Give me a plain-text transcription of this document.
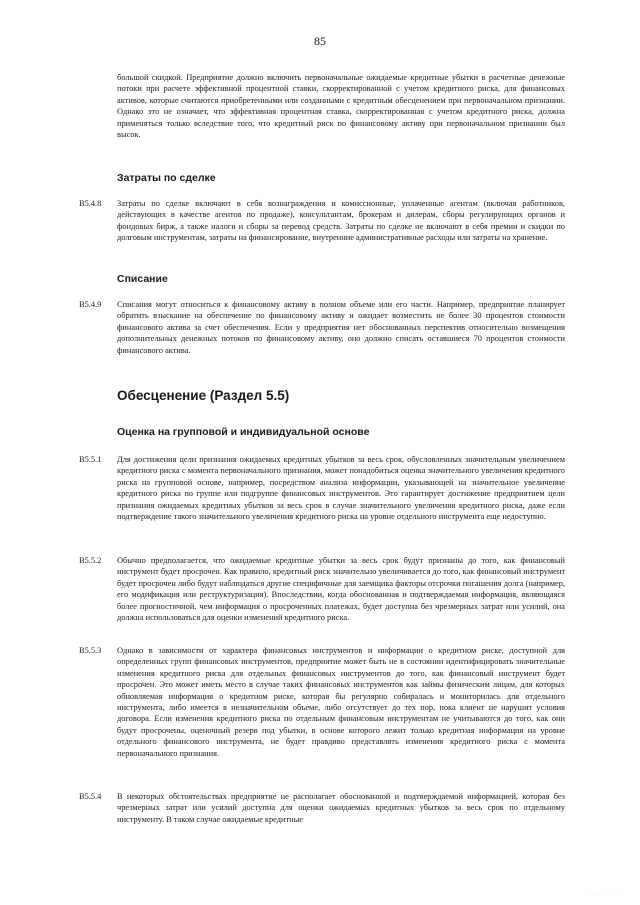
85

большой скидкой. Предприятие должно включить первоначальные ожидаемые кредитные убытки в расчетные денежные потоки при расчете эффективной процентной ставки, скорректированной с учетом кредитного риска, для финансовых активов, которые считаются приобретенными или созданными с кредитным обесценением при первоначальном признании. Однако это не означает, что эффективная процентная ставка, скорректированная с учетом кредитного риска, должна применяться только вследствие того, что кредитный риск по финансовому активу при первоначальном признании был высок.

Затраты по сделке
B5.4.8 Затраты по сделке включают в себя вознаграждения и комиссионные, уплаченные агентам (включая работников, действующих в качестве агентов по продаже), консультантам, брокерам и дилерам, сборы регулирующих органов и фондовых бирж, а также налоги и сборы за перевод средств. Затраты по сделке не включают в себя премии и скидки по долговым инструментам, затраты на финансирование, внутренние административные расходы или затраты на хранение.

Списание
B5.4.9 Списания могут относиться к финансовому активу в полном объеме или его части. Например, предприятие планирует обратить взыскание на обеспечение по финансовому активу и ожидает возместить не более 30 процентов стоимости финансового актива за счет обеспечения. Если у предприятия нет обоснованных перспектив относительно возмещения дополнительных денежных потоков по финансовому активу, оно должно списать оставшиеся 70 процентов стоимости финансового актива.

Обесценение (Раздел 5.5)
Оценка на групповой и индивидуальной основе
B5.5.1 Для достижения цели признания ожидаемых кредитных убытков за весь срок, обусловленных значительным увеличением кредитного риска с момента первоначального признания, может понадобиться оценка значительного увеличения кредитного риска на групповой основе, например, посредством анализа информации, указывающей на значительное увеличение кредитного риска по группе или подгруппе финансовых инструментов. Это гарантирует достижение предприятием цели признания ожидаемых кредитных убытков за весь срок в случае значительного увеличения кредитного риска, даже если подтверждение такого значительного увеличения кредитного риска на уровне отдельного инструмента еще недоступно.

B5.5.2 Обычно предполагается, что ожидаемые кредитные убытки за весь срок будут признаны до того, как финансовый инструмент будет просрочен. Как правило, кредитный риск значительно увеличивается до того, как финансовый инструмент будет просрочен либо будут наблюдаться другие специфичные для заемщика факторы отсрочки погашения долга (например, его модификация или реструктуризация). Впоследствии, когда обоснованная и подтверждаемая информация, являющаяся более прогностичной, чем информация о просроченных платежах, будет доступна без чрезмерных затрат или усилий, она должна использоваться для оценки изменений кредитного риска.

B5.5.3 Однако в зависимости от характера финансовых инструментов и информации о кредитном риске, доступной для определенных групп финансовых инструментов, предприятие может быть не в состоянии идентифицировать значительные изменения кредитного риска для отдельных финансовых инструментов до того, как финансовый инструмент будет просрочен. Это может иметь место в случае таких финансовых инструментов как займы физическим лицам, для которых обновляемая информация о кредитном риске, которая бы регулярно собиралась и мониторилась для отдельного инструмента, либо имеется в незначительном объеме, либо отсутствует до тех пор, пока клиент не нарушит условия договора. Если изменения кредитного риска по отдельным финансовым инструментам не учитываются до того, как они будут просрочены, оценочный резерв под убытки, в основе которого лежит только кредитная информация на уровне отдельного финансового инструмента, не будет правдиво представлять изменения кредитного риска с момента первоначального признания.

B5.5.4 В некоторых обстоятельствах предприятие не располагает обоснованной и подтверждаемой информацией, которая без чрезмерных затрат или усилий доступна для оценки ожидаемых кредитных убытков за весь срок по отдельному инструменту. В таком случае ожидаемые кредитные

· · · · · ·
